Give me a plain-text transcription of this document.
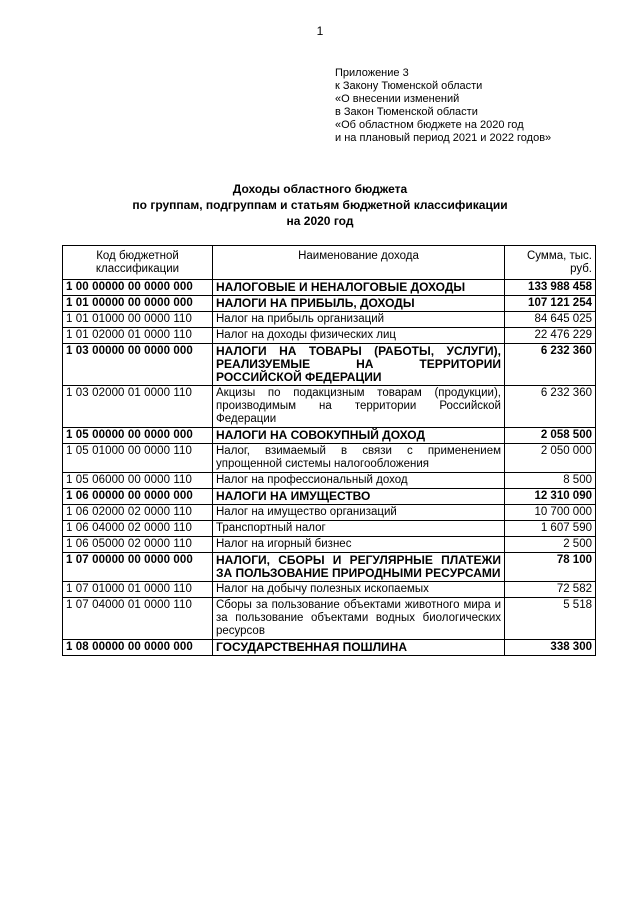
1
Приложение 3
к Закону Тюменской области
«О внесении изменений
в Закон Тюменской области
«Об областном бюджете на 2020 год
и на плановый период 2021 и 2022 годов»
Доходы областного бюджета
по группам, подгруппам и статьям бюджетной классификации
на 2020 год
Код бюджетной классификации	Наименование дохода	Сумма, тыс. руб.
1 00 00000 00 0000 000	НАЛОГОВЫЕ И НЕНАЛОГОВЫЕ ДОХОДЫ	133 988 458
1 01 00000 00 0000 000	НАЛОГИ НА ПРИБЫЛЬ, ДОХОДЫ	107 121 254
1 01 01000 00 0000 110	Налог на прибыль организаций	84 645 025
1 01 02000 01 0000 110	Налог на доходы физических лиц	22 476 229
1 03 00000 00 0000 000	НАЛОГИ НА ТОВАРЫ (РАБОТЫ, УСЛУГИ), РЕАЛИЗУЕМЫЕ НА ТЕРРИТОРИИ РОССИЙСКОЙ ФЕДЕРАЦИИ	6 232 360
1 03 02000 01 0000 110	Акцизы по подакцизным товарам (продукции), производимым на территории Российской Федерации	6 232 360
1 05 00000 00 0000 000	НАЛОГИ НА СОВОКУПНЫЙ ДОХОД	2 058 500
1 05 01000 00 0000 110	Налог, взимаемый в связи с применением упрощенной системы налогообложения	2 050 000
1 05 06000 00 0000 110	Налог на профессиональный доход	8 500
1 06 00000 00 0000 000	НАЛОГИ НА ИМУЩЕСТВО	12 310 090
1 06 02000 02 0000 110	Налог на имущество организаций	10 700 000
1 06 04000 02 0000 110	Транспортный налог	1 607 590
1 06 05000 02 0000 110	Налог на игорный бизнес	2 500
1 07 00000 00 0000 000	НАЛОГИ, СБОРЫ И РЕГУЛЯРНЫЕ ПЛАТЕЖИ ЗА ПОЛЬЗОВАНИЕ ПРИРОДНЫМИ РЕСУРСАМИ	78 100
1 07 01000 01 0000 110	Налог на добычу полезных ископаемых	72 582
1 07 04000 01 0000 110	Сборы за пользование объектами животного мира и за пользование объектами водных биологических ресурсов	5 518
1 08 00000 00 0000 000	ГОСУДАРСТВЕННАЯ ПОШЛИНА	338 300
